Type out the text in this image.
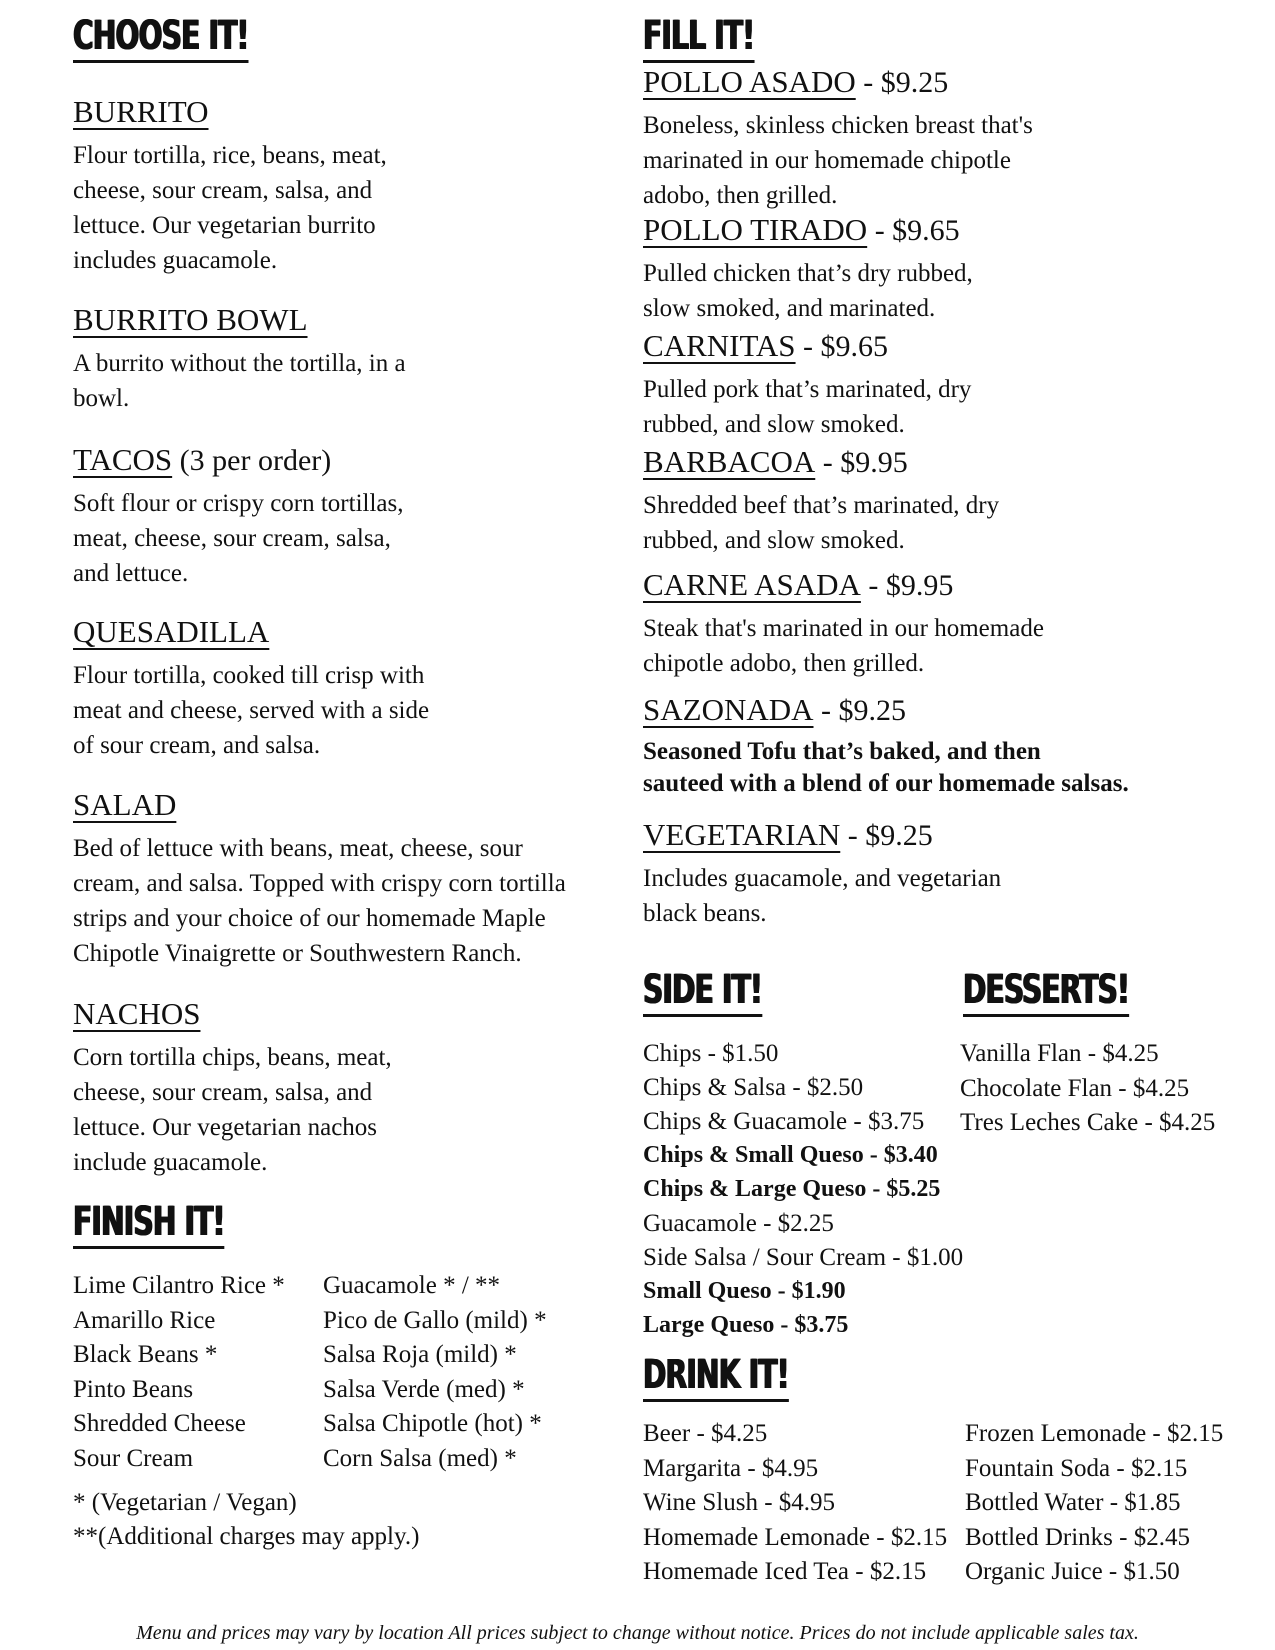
CHOOSE IT!
BURRITO
Flour tortilla, rice, beans, meat,
cheese, sour cream, salsa, and
lettuce. Our vegetarian burrito
includes guacamole.
BURRITO BOWL
A burrito without the tortilla, in a
bowl.
TACOS (3 per order)
Soft flour or crispy corn tortillas,
meat, cheese, sour cream, salsa,
and lettuce.
QUESADILLA
Flour tortilla, cooked till crisp with
meat and cheese, served with a side
of sour cream, and salsa.
SALAD
Bed of lettuce with beans, meat, cheese, sour
cream, and salsa. Topped with crispy corn tortilla
strips and your choice of our homemade Maple
Chipotle Vinaigrette or Southwestern Ranch.
NACHOS
Corn tortilla chips, beans, meat,
cheese, sour cream, salsa, and
lettuce. Our vegetarian nachos
include guacamole.
FINISH IT!
Lime Cilantro Rice *
Amarillo Rice
Black Beans *
Pinto Beans
Shredded Cheese
Sour Cream
Guacamole * / **
Pico de Gallo (mild) *
Salsa Roja (mild) *
Salsa Verde (med) *
Salsa Chipotle (hot) *
Corn Salsa (med) *
* (Vegetarian / Vegan)
**(Additional charges may apply.)
FILL IT!
POLLO ASADO - $9.25
Boneless, skinless chicken breast that's
marinated in our homemade chipotle
adobo, then grilled.
POLLO TIRADO - $9.65
Pulled chicken that’s dry rubbed,
slow smoked, and marinated.
CARNITAS - $9.65
Pulled pork that’s marinated, dry
rubbed, and slow smoked.
BARBACOA - $9.95
Shredded beef that’s marinated, dry
rubbed, and slow smoked.
CARNE ASADA - $9.95
Steak that's marinated in our homemade
chipotle adobo, then grilled.
SAZONADA - $9.25
Seasoned Tofu that’s baked, and then
sauteed with a blend of our homemade salsas.
VEGETARIAN - $9.25
Includes guacamole, and vegetarian
black beans.
SIDE IT!	DESSERTS!
Chips - $1.50
Chips & Salsa - $2.50
Chips & Guacamole - $3.75
Chips & Small Queso - $3.40
Chips & Large Queso - $5.25
Guacamole - $2.25
Side Salsa / Sour Cream - $1.00
Small Queso - $1.90
Large Queso - $3.75
Vanilla Flan - $4.25
Chocolate Flan - $4.25
Tres Leches Cake - $4.25
DRINK IT!
Beer - $4.25
Margarita - $4.95
Wine Slush - $4.95
Homemade Lemonade - $2.15
Homemade Iced Tea - $2.15
Frozen Lemonade - $2.15
Fountain Soda - $2.15
Bottled Water - $1.85
Bottled Drinks - $2.45
Organic Juice - $1.50
Menu and prices may vary by location All prices subject to change without notice. Prices do not include applicable sales tax.
